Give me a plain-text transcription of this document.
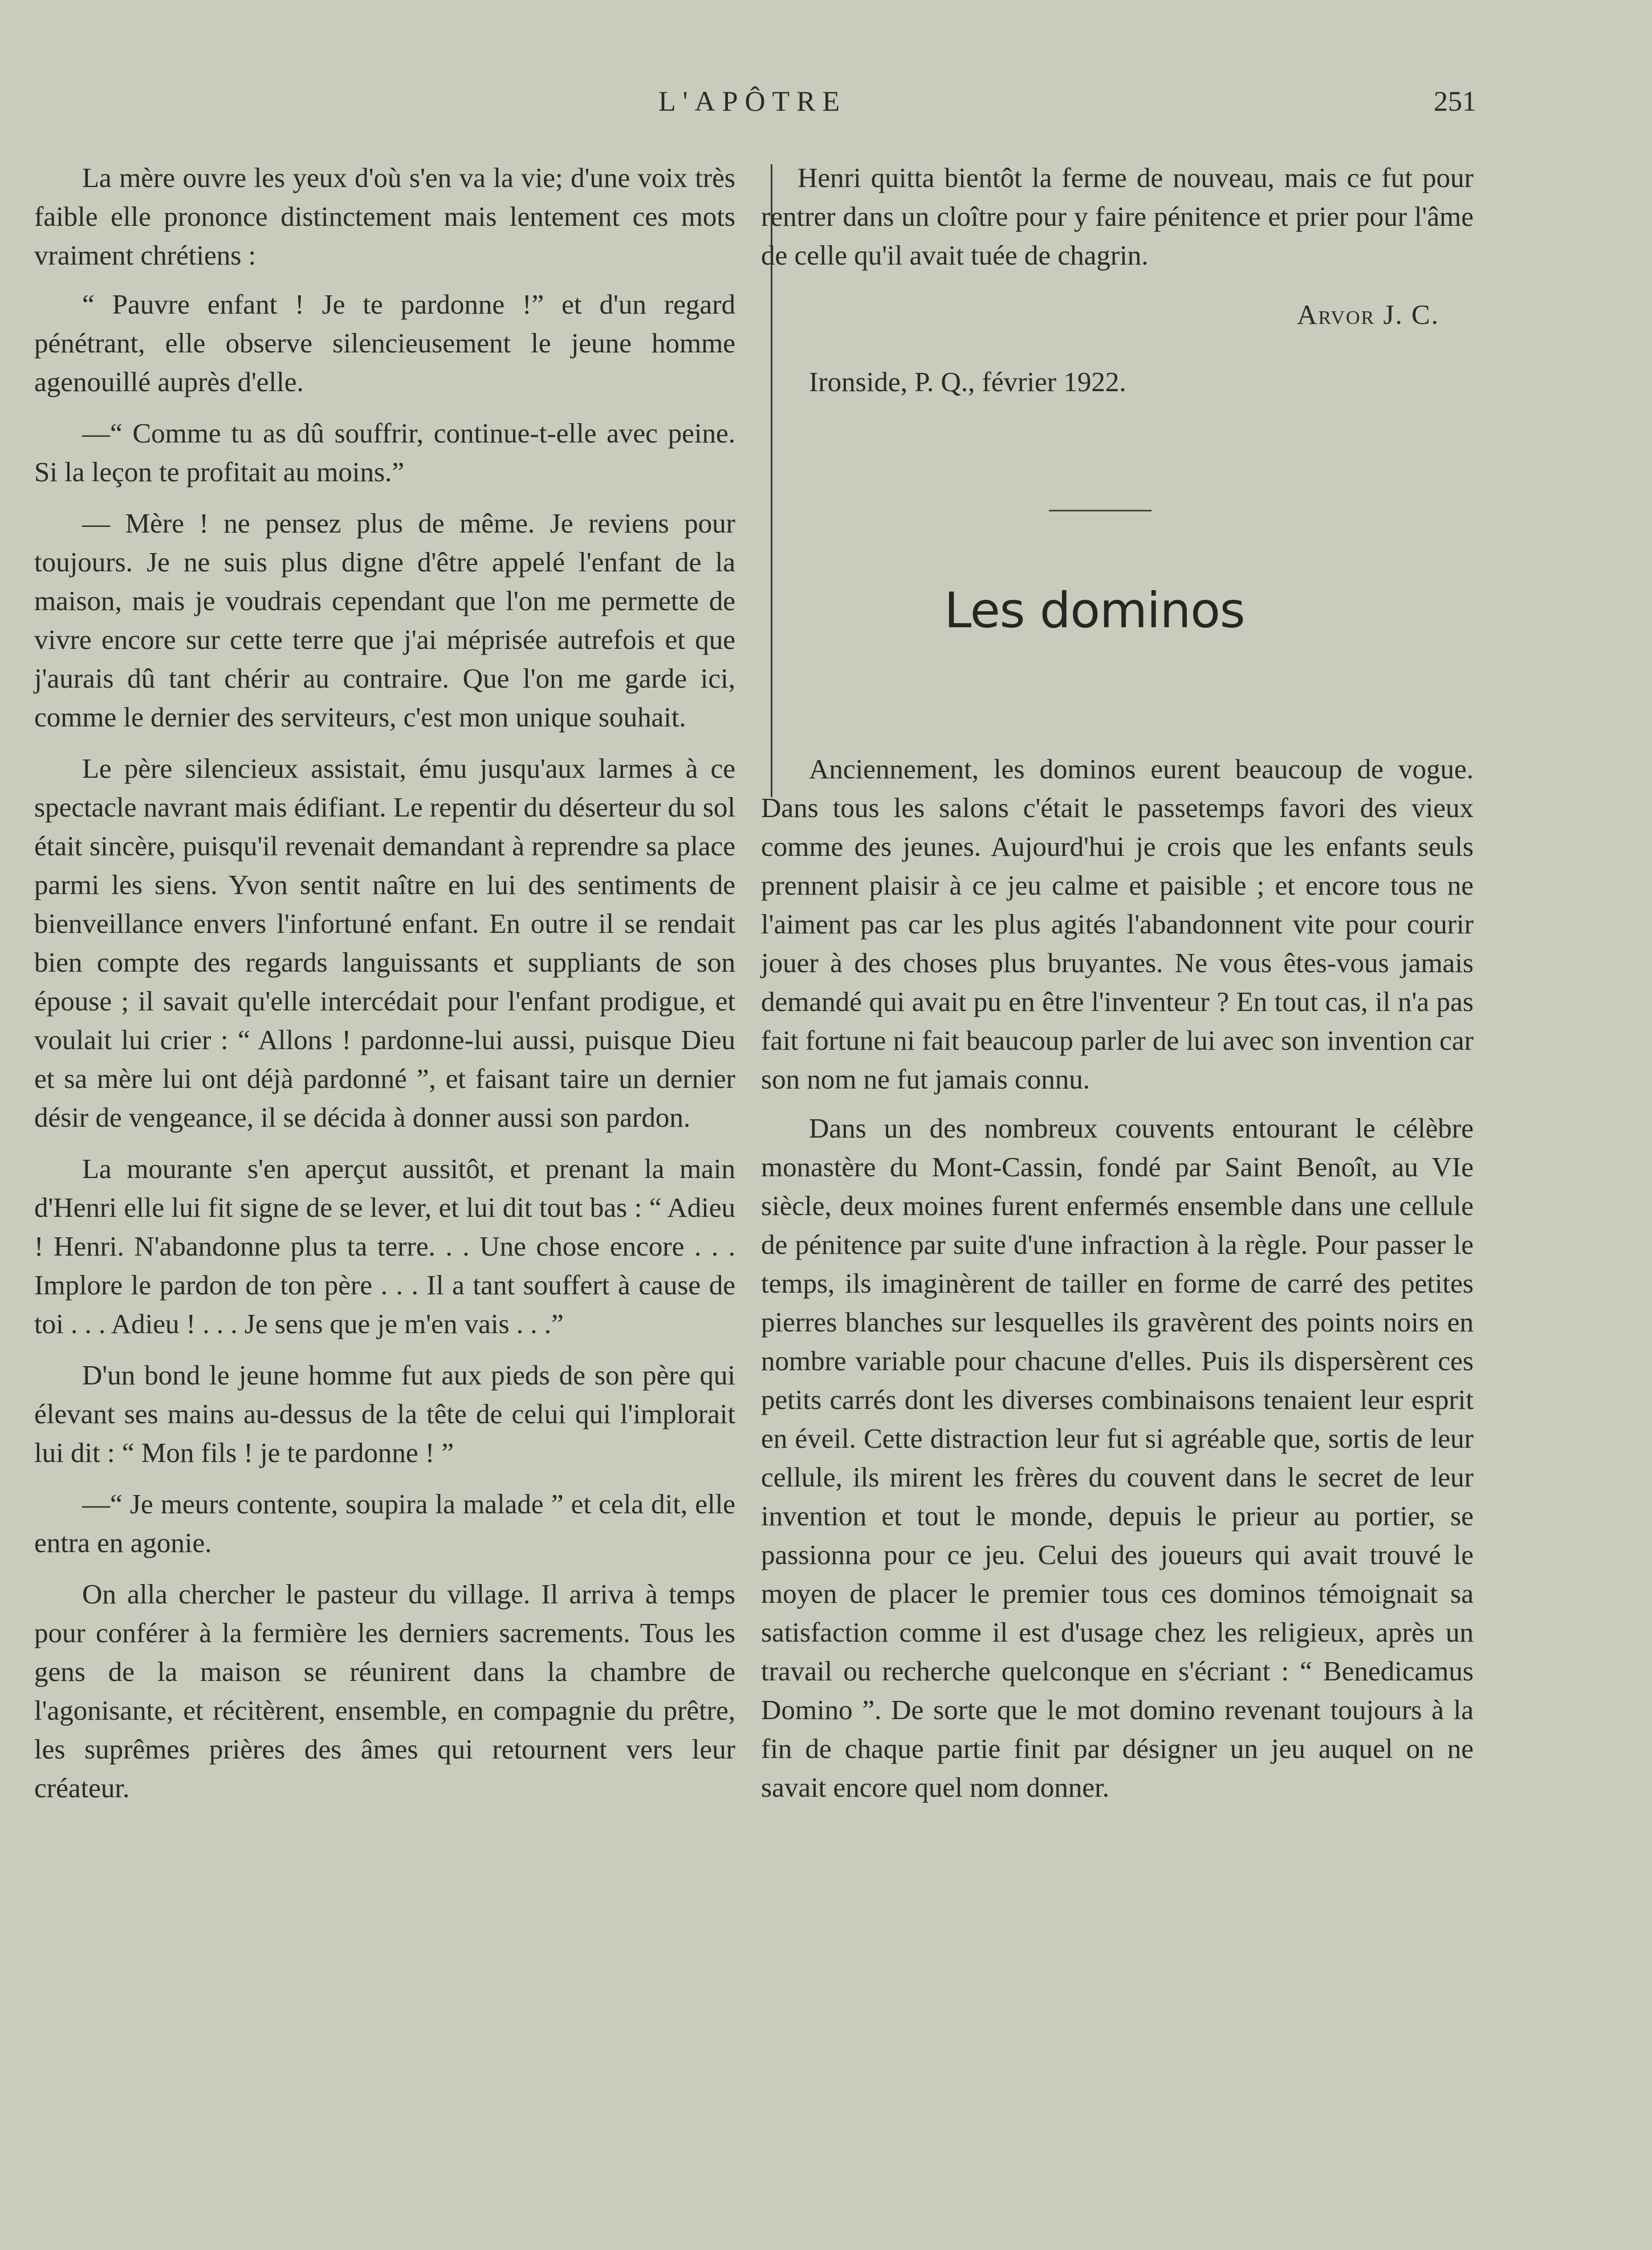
L'APÔTRE	251

La mère ouvre les yeux d'où s'en va la vie; d'une voix très faible elle prononce distinctement mais lentement ces mots vraiment chrétiens :

“ Pauvre enfant ! Je te pardonne !” et d'un regard pénétrant, elle observe silencieusement le jeune homme agenouillé auprès d'elle.

—“ Comme tu as dû souffrir, continue-t-elle avec peine. Si la leçon te profitait au moins.”

— Mère ! ne pensez plus de même. Je reviens pour toujours. Je ne suis plus digne d'être appelé l'enfant de la maison, mais je voudrais cependant que l'on me permette de vivre encore sur cette terre que j'ai méprisée autrefois et que j'aurais dû tant chérir au contraire. Que l'on me garde ici, comme le dernier des serviteurs, c'est mon unique souhait.

Le père silencieux assistait, ému jusqu'aux larmes à ce spectacle navrant mais édifiant. Le repentir du déserteur du sol était sincère, puisqu'il revenait demandant à reprendre sa place parmi les siens. Yvon sentit naître en lui des sentiments de bienveillance envers l'infortuné enfant. En outre il se rendait bien compte des regards languissants et suppliants de son épouse ; il savait qu'elle intercédait pour l'enfant prodigue, et voulait lui crier : “ Allons ! pardonne-lui aussi, puisque Dieu et sa mère lui ont déjà pardonné ”, et faisant taire un dernier désir de vengeance, il se décida à donner aussi son pardon.

La mourante s'en aperçut aussitôt, et prenant la main d'Henri elle lui fit signe de se lever, et lui dit tout bas : “ Adieu ! Henri. N'abandonne plus ta terre. . . Une chose encore . . . Implore le pardon de ton père . . . Il a tant souffert à cause de toi . . . Adieu ! . . . Je sens que je m'en vais . . .”

D'un bond le jeune homme fut aux pieds de son père qui élevant ses mains au-dessus de la tête de celui qui l'implorait lui dit : “ Mon fils ! je te pardonne ! ”

—“ Je meurs contente, soupira la malade ” et cela dit, elle entra en agonie.

On alla chercher le pasteur du village. Il arriva à temps pour conférer à la fermière les derniers sacrements. Tous les gens de la maison se réunirent dans la chambre de l'agonisante, et récitèrent, ensemble, en compagnie du prêtre, les suprêmes prières des âmes qui retournent vers leur créateur.

Henri quitta bientôt la ferme de nouveau, mais ce fut pour rentrer dans un cloître pour y faire pénitence et prier pour l'âme de celle qu'il avait tuée de chagrin.

Arvor J. C.

Ironside, P. Q., février 1922.

Les dominos

Anciennement, les dominos eurent beaucoup de vogue. Dans tous les salons c'était le passetemps favori des vieux comme des jeunes. Aujourd'hui je crois que les enfants seuls prennent plaisir à ce jeu calme et paisible ; et encore tous ne l'aiment pas car les plus agités l'abandonnent vite pour courir jouer à des choses plus bruyantes. Ne vous êtes-vous jamais demandé qui avait pu en être l'inventeur ? En tout cas, il n'a pas fait fortune ni fait beaucoup parler de lui avec son invention car son nom ne fut jamais connu.

Dans un des nombreux couvents entourant le célèbre monastère du Mont-Cassin, fondé par Saint Benoît, au VIe siècle, deux moines furent enfermés ensemble dans une cellule de pénitence par suite d'une infraction à la règle. Pour passer le temps, ils imaginèrent de tailler en forme de carré des petites pierres blanches sur lesquelles ils gravèrent des points noirs en nombre variable pour chacune d'elles. Puis ils dispersèrent ces petits carrés dont les diverses combinaisons tenaient leur esprit en éveil. Cette distraction leur fut si agréable que, sortis de leur cellule, ils mirent les frères du couvent dans le secret de leur invention et tout le monde, depuis le prieur au portier, se passionna pour ce jeu. Celui des joueurs qui avait trouvé le moyen de placer le premier tous ces dominos témoignait sa satisfaction comme il est d'usage chez les religieux, après un travail ou recherche quelconque en s'écriant : “ Benedicamus Domino ”. De sorte que le mot domino revenant toujours à la fin de chaque partie finit par désigner un jeu auquel on ne savait encore quel nom donner.
